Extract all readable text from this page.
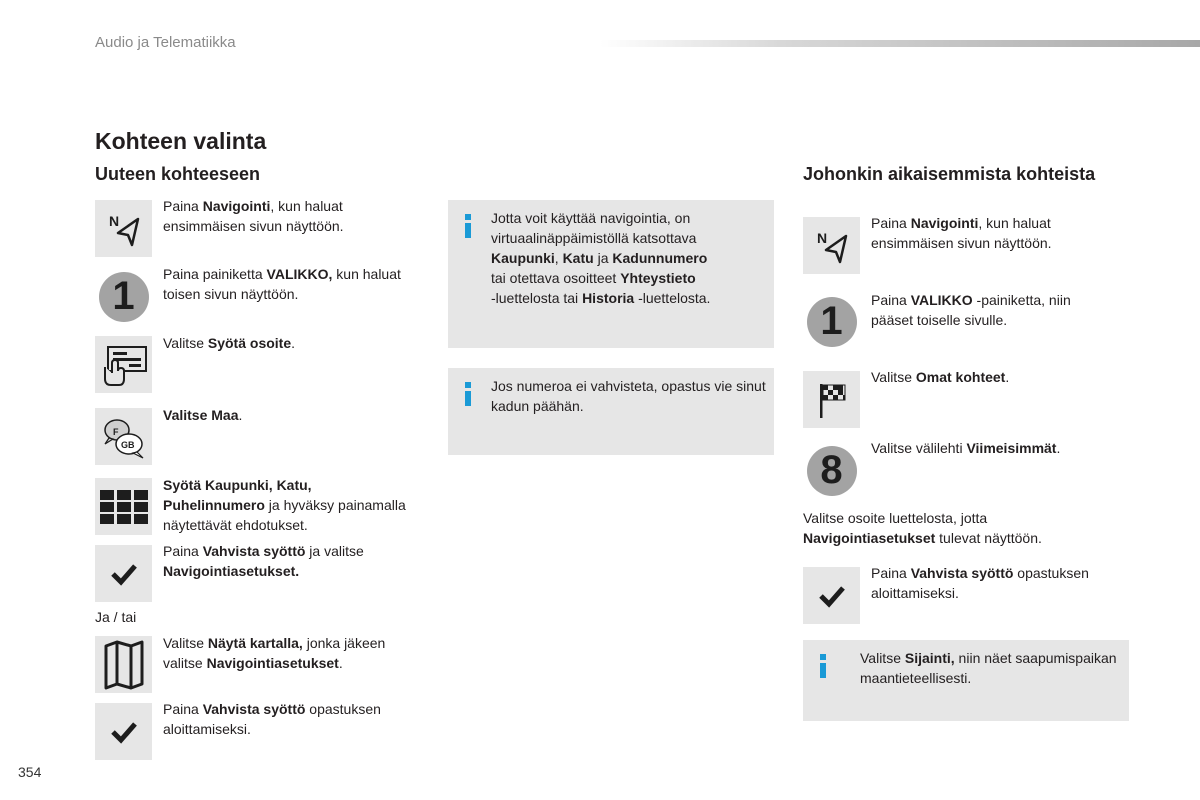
Audio ja Telematiikka
354
Kohteen valinta
Uuteen kohteeseen
N
Paina Navigointi, kun haluat ensimmäisen sivun näyttöön.
1	Paina painiketta VALIKKO, kun haluat toisen sivun näyttöön.
Valitse Syötä osoite.
F
GB
Valitse Maa.
Syötä Kaupunki, Katu, Puhelinnumero ja hyväksy painamalla näytettävät ehdotukset.
Paina Vahvista syöttö ja valitse Navigointiasetukset.
Ja / tai
Valitse Näytä kartalla, jonka jäkeen valitse Navigointiasetukset.
Paina Vahvista syöttö opastuksen aloittamiseksi.
Jotta voit käyttää navigointia, on
virtuaalinäppäimistöllä katsottava
Kaupunki, Katu ja Kadunnumero
tai otettava osoitteet Yhteystieto
-luettelosta tai Historia -luettelosta.
Jos numeroa ei vahvisteta, opastus vie sinut kadun päähän.
Johonkin aikaisemmista kohteista
N
Paina Navigointi, kun haluat ensimmäisen sivun näyttöön.
1	Paina VALIKKO -painiketta, niin pääset toiselle sivulle.
Valitse Omat kohteet.
8	Valitse välilehti Viimeisimmät.
Valitse osoite luettelosta, jotta Navigointiasetukset tulevat näyttöön.
Paina Vahvista syöttö opastuksen aloittamiseksi.
Valitse Sijainti, niin näet saapumispaikan maantieteellisesti.
